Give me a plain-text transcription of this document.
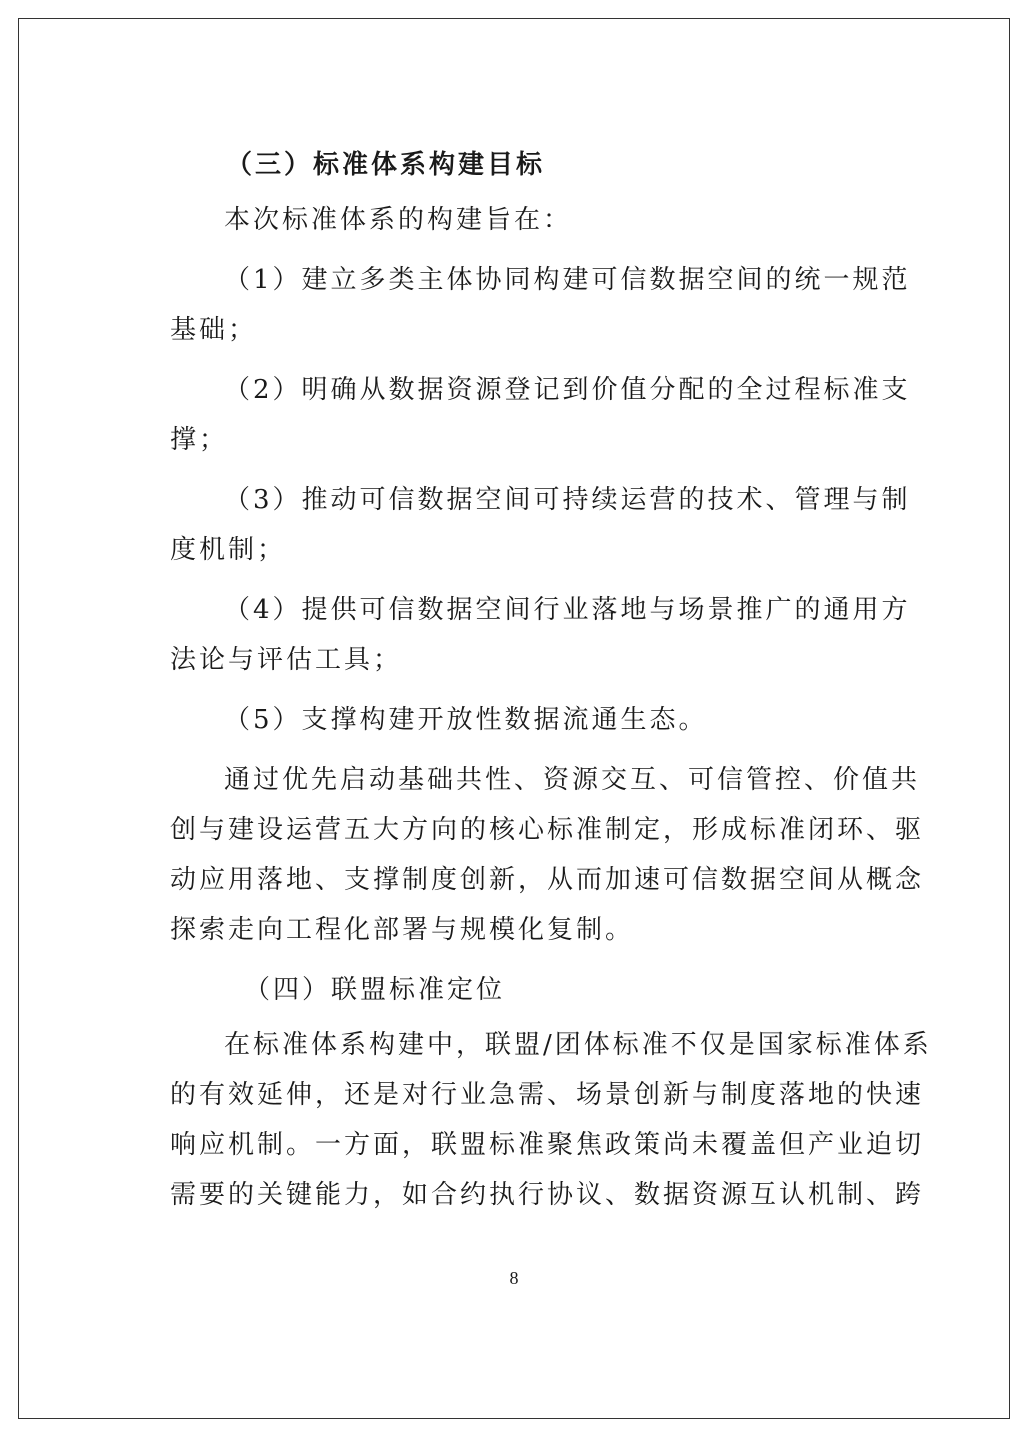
（三）标准体系构建目标
本次标准体系的构建旨在：
（1）建立多类主体协同构建可信数据空间的统一规范
基础；
（2）明确从数据资源登记到价值分配的全过程标准支
撑；
（3）推动可信数据空间可持续运营的技术、管理与制
度机制；
（4）提供可信数据空间行业落地与场景推广的通用方
法论与评估工具；
（5）支撑构建开放性数据流通生态。
通过优先启动基础共性、资源交互、可信管控、价值共
创与建设运营五大方向的核心标准制定，形成标准闭环、驱
动应用落地、支撑制度创新，从而加速可信数据空间从概念
探索走向工程化部署与规模化复制。
（四）联盟标准定位
在标准体系构建中，联盟/团体标准不仅是国家标准体系
的有效延伸，还是对行业急需、场景创新与制度落地的快速
响应机制。一方面，联盟标准聚焦政策尚未覆盖但产业迫切
需要的关键能力，如合约执行协议、数据资源互认机制、跨
8
